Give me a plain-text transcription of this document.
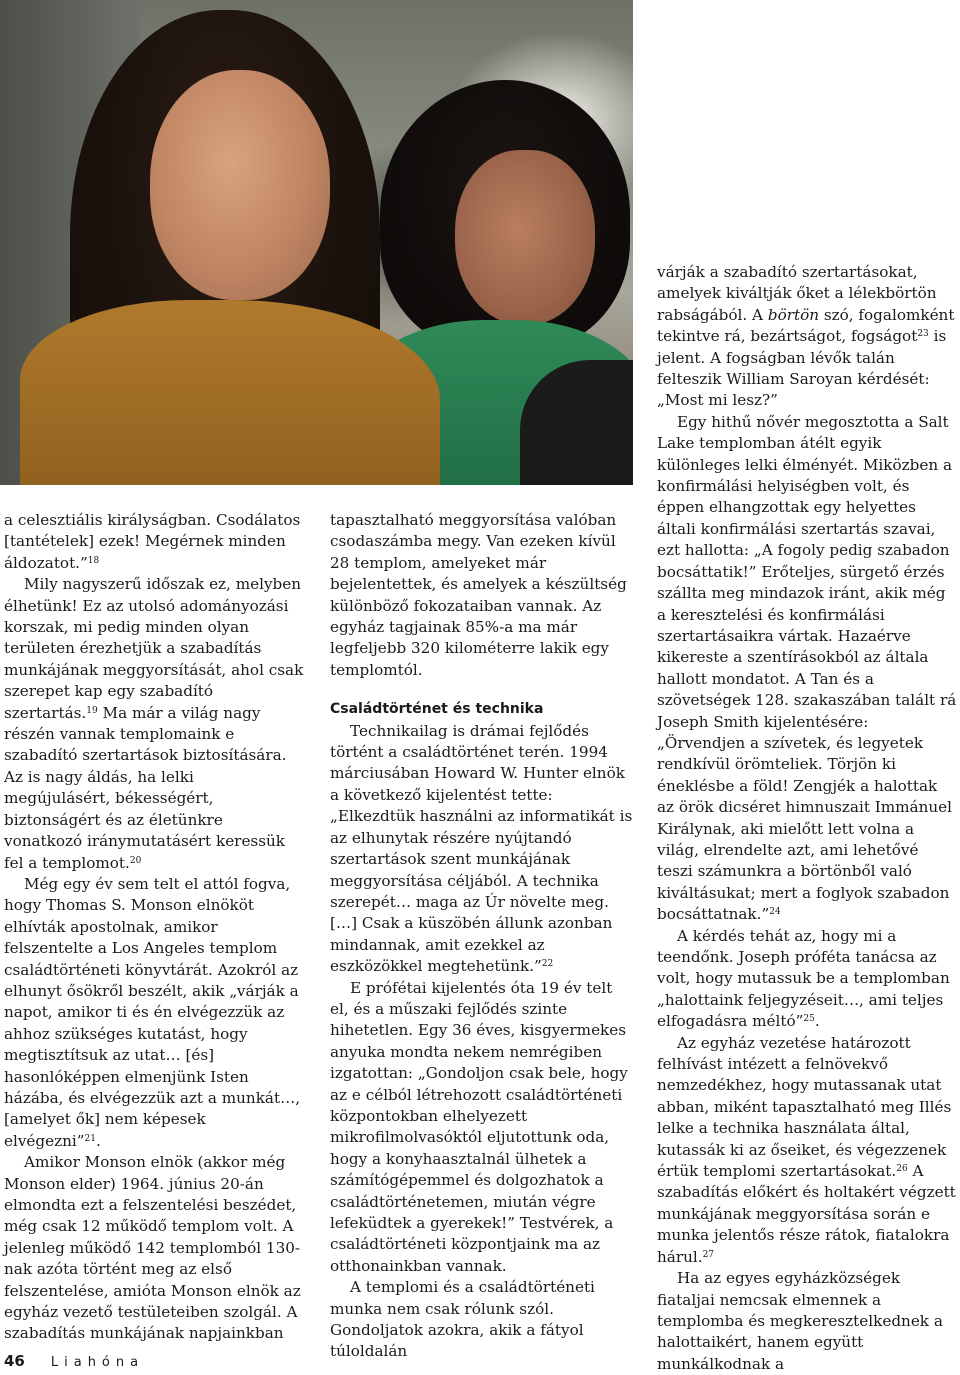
a celesztiális királyságban. Csodálatos [tantételek] ezek! Megérnek minden áldozatot.”$^{18}$

Mily nagyszerű időszak ez, melyben élhetünk! Ez az utolsó adományozási korszak, mi pedig minden olyan területen érezhetjük a szabadítás munkájának meggyorsítását, ahol csak szerepet kap egy szabadító szertartás.$^{19}$ Ma már a világ nagy részén vannak templomaink e szabadító szertartások biztosítására. Az is nagy áldás, ha lelki megújulásért, békességért, biztonságért és az életünkre vonatkozó iránymutatásért keressük fel a templomot.$^{20}$

Még egy év sem telt el attól fogva, hogy Thomas S. Monson elnököt elhívták apostolnak, amikor felszentelte a Los Angeles templom családtörténeti könyvtárát. Azokról az elhunyt ősökről beszélt, akik „várják a napot, amikor ti és én elvégezzük az ahhoz szükséges kutatást, hogy megtisztítsuk az utat… [és] hasonlóképpen elmenjünk Isten házába, és elvégezzük azt a munkát…, [amelyet ők] nem képesek elvégezni”$^{21}$.

Amikor Monson elnök (akkor még Monson elder) 1964. június 20-án elmondta ezt a felszentelési beszédet, még csak 12 működő templom volt. A jelenleg működő 142 templomból 130-nak azóta történt meg az első felszentelése, amióta Monson elnök az egyház vezető testületeiben szolgál. A szabadítás munkájának napjainkban

tapasztalható meggyorsítása valóban csodaszámba megy. Van ezeken kívül 28 templom, amelyeket már bejelentettek, és amelyek a készültség különböző fokozataiban vannak. Az egyház tagjainak 85%-a ma már legfeljebb 320 kilométerre lakik egy templomtól.

Családtörténet és technika

Technikailag is drámai fejlődés történt a családtörténet terén. 1994 márciusában Howard W. Hunter elnök a következő kijelentést tette: „Elkezdtük használni az informatikát is az elhunytak részére nyújtandó szertartások szent munkájának meggyorsítása céljából. A technika szerepét… maga az Úr növelte meg. […] Csak a küszöbén állunk azonban mindannak, amit ezekkel az eszközökkel megtehetünk.”$^{22}$

E prófétai kijelentés óta 19 év telt el, és a műszaki fejlődés szinte hihetetlen. Egy 36 éves, kisgyermekes anyuka mondta nekem nemrégiben izgatottan: „Gondoljon csak bele, hogy az e célból létrehozott családtörténeti központokban elhelyezett mikrofilmolvasóktól eljutottunk oda, hogy a konyhaasztalnál ülhetek a számítógépemmel és dolgozhatok a családtörténetemen, miután végre lefeküdtek a gyerekek!” Testvérek, a családtörténeti központjaink ma az otthonainkban vannak.

A templomi és a családtörténeti munka nem csak rólunk szól. Gondoljatok azokra, akik a fátyol túloldalán

várják a szabadító szertartásokat, amelyek kiváltják őket a lélekbörtön rabságából. A börtön szó, fogalomként tekintve rá, bezártságot, fogságot$^{23}$ is jelent. A fogságban lévők talán felteszik William Saroyan kérdését: „Most mi lesz?”

Egy hithű nővér megosztotta a Salt Lake templomban átélt egyik különleges lelki élményét. Miközben a konfirmálási helyiségben volt, és éppen elhangzottak egy helyettes általi konfirmálási szertartás szavai, ezt hallotta: „A fogoly pedig szabadon bocsáttatik!” Erőteljes, sürgető érzés szállta meg mindazok iránt, akik még a keresztelési és konfirmálási szertartásaikra vártak. Hazaérve kikereste a szentírásokból az általa hallott mondatot. A Tan és a szövetségek 128. szakaszában talált rá Joseph Smith kijelentésére: „Örvendjen a szívetek, és legyetek rendkívül örömteliek. Törjön ki éneklésbe a föld! Zengjék a halottak az örök dicséret himnuszait Immánuel Királynak, aki mielőtt lett volna a világ, elrendelte azt, ami lehetővé teszi számunkra a börtönből való kiváltásukat; mert a foglyok szabadon bocsáttatnak.”$^{24}$

A kérdés tehát az, hogy mi a teendőnk. Joseph próféta tanácsa az volt, hogy mutassuk be a templomban „halottaink feljegyzéseit…, ami teljes elfogadásra méltó”$^{25}$.

Az egyház vezetése határozott felhívást intézett a felnövekvő nemzedékhez, hogy mutassanak utat abban, miként tapasztalható meg Illés lelke a technika használata által, kutassák ki az őseiket, és végezzenek értük templomi szertartásokat.$^{26}$ A szabadítás előkért és holtakért végzett munkájának meggyorsítása során e munka jelentős része rátok, fiatalokra hárul.$^{27}$

Ha az egyes egyházközségek fiataljai nemcsak elmennek a templomba és megkeresztelkednek a halottaikért, hanem együtt munkálkodnak a

46 Liahóna
